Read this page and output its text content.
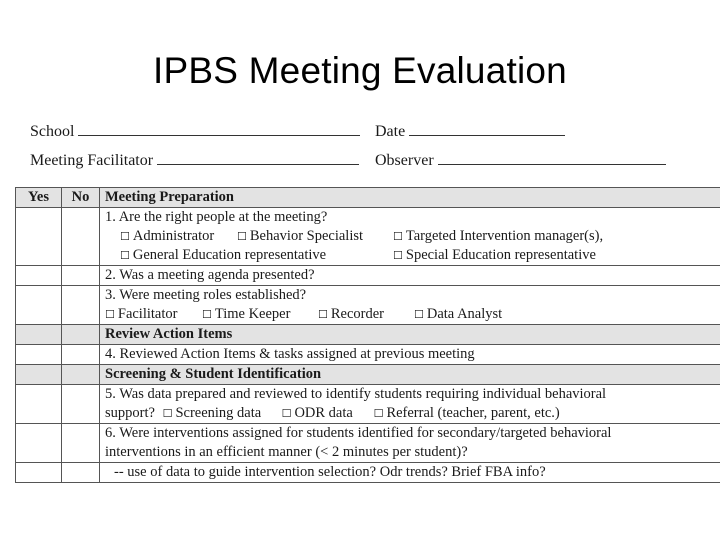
IPBS Meeting Evaluation
School	Date
Meeting Facilitator	Observer
Yes	No	Meeting Preparation
		1. Are the right people at the meeting?
		☐ Administrator ☐ Behavior Specialist ☐ Targeted Intervention manager(s),
		☐ General Education representative ☐ Special Education representative
		2. Was a meeting agenda presented?
		3. Were meeting roles established?
		☐ Facilitator ☐ Time Keeper ☐ Recorder ☐ Data Analyst
		Review Action Items
		4. Reviewed Action Items & tasks assigned at previous meeting
		Screening & Student Identification
		5. Was data prepared and reviewed to identify students requiring individual behavioral
		support? ☐ Screening data ☐ ODR data ☐ Referral (teacher, parent, etc.)
		6. Were interventions assigned for students identified for secondary/targeted behavioral
		interventions in an efficient manner (< 2 minutes per student)?
		-- use of data to guide intervention selection? Odr trends? Brief FBA info?
